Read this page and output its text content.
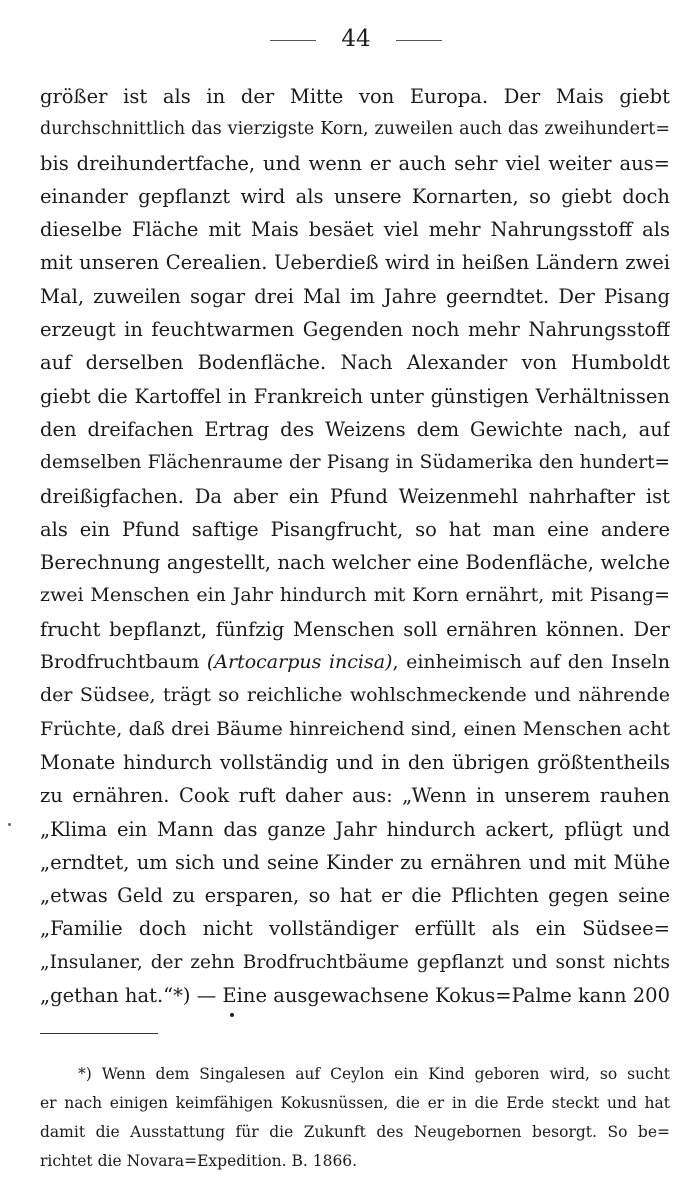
44
größer ist als in der Mitte von Europa. Der Mais giebt
durchschnittlich das vierzigste Korn, zuweilen auch das zweihundert=
bis dreihundertfache, und wenn er auch sehr viel weiter aus=
einander gepflanzt wird als unsere Kornarten, so giebt doch
dieselbe Fläche mit Mais besäet viel mehr Nahrungsstoff als
mit unseren Cerealien. Ueberdieß wird in heißen Ländern zwei
Mal, zuweilen sogar drei Mal im Jahre geerndtet. Der Pisang
erzeugt in feuchtwarmen Gegenden noch mehr Nahrungsstoff
auf derselben Bodenfläche. Nach Alexander von Humboldt
giebt die Kartoffel in Frankreich unter günstigen Verhältnissen
den dreifachen Ertrag des Weizens dem Gewichte nach, auf
demselben Flächenraume der Pisang in Südamerika den hundert=
dreißigfachen. Da aber ein Pfund Weizenmehl nahrhafter ist
als ein Pfund saftige Pisangfrucht, so hat man eine andere
Berechnung angestellt, nach welcher eine Bodenfläche, welche
zwei Menschen ein Jahr hindurch mit Korn ernährt, mit Pisang=
frucht bepflanzt, fünfzig Menschen soll ernähren können. Der
Brodfruchtbaum (Artocarpus incisa), einheimisch auf den Inseln
der Südsee, trägt so reichliche wohlschmeckende und nährende
Früchte, daß drei Bäume hinreichend sind, einen Menschen acht
Monate hindurch vollständig und in den übrigen größtentheils
zu ernähren. Cook ruft daher aus: „Wenn in unserem rauhen
„Klima ein Mann das ganze Jahr hindurch ackert, pflügt und
„erndtet, um sich und seine Kinder zu ernähren und mit Mühe
„etwas Geld zu ersparen, so hat er die Pflichten gegen seine
„Familie doch nicht vollständiger erfüllt als ein Südsee=
„Insulaner, der zehn Brodfruchtbäume gepflanzt und sonst nichts
„gethan hat.“*) — Eine ausgewachsene Kokus=Palme kann 200
*) Wenn dem Singalesen auf Ceylon ein Kind geboren wird, so sucht
er nach einigen keimfähigen Kokusnüssen, die er in die Erde steckt und hat
damit die Ausstattung für die Zukunft des Neugebornen besorgt. So be=
richtet die Novara=Expedition. B. 1866.
